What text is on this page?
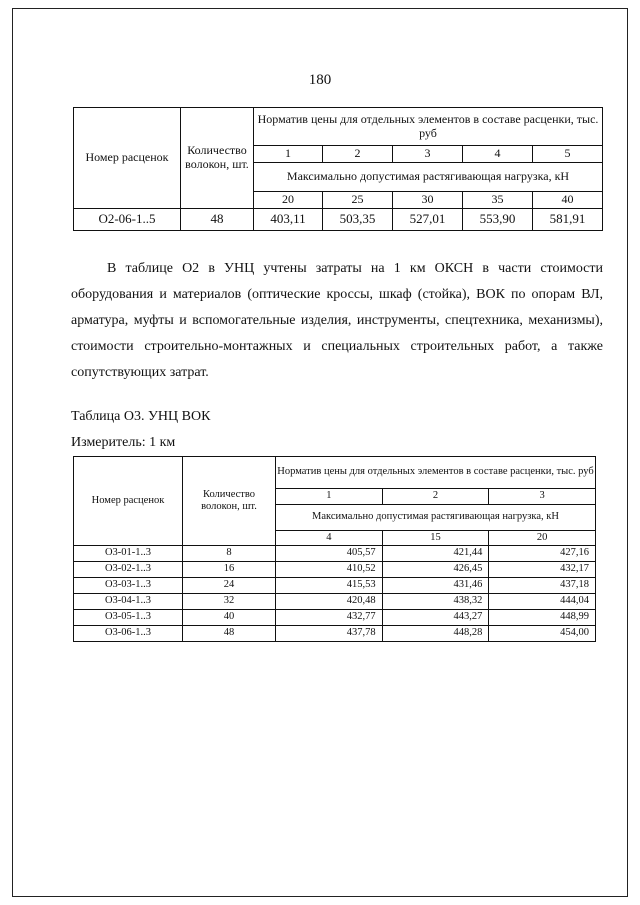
180
Номер расценок	Количество волокон, шт.	Норматив цены для отдельных элементов в составе расценки, тыс. руб				
		1	2	3	4	5
		Максимально допустимая растягивающая нагрузка, кН				
		20	25	30	35	40
О2-06-1..5	48	403,11	503,35	527,01	553,90	581,91

В таблице О2 в УНЦ учтены затраты на 1 км ОКСН в части стоимости оборудования и материалов (оптические кроссы, шкаф (стойка), ВОК по опорам ВЛ, арматура, муфты и вспомогательные изделия, инструменты, спецтехника, механизмы), стоимости строительно-монтажных и специальных строительных работ, а также сопутствующих затрат.

Таблица О3. УНЦ ВОК

Измеритель: 1 км

Номер расценок	Количество волокон, шт.	Норматив цены для отдельных элементов в составе расценки, тыс. руб		
		1	2	3
		Максимально допустимая растягивающая нагрузка, кН		
		4	15	20
О3-01-1..3	8	405,57	421,44	427,16
О3-02-1..3	16	410,52	426,45	432,17
О3-03-1..3	24	415,53	431,46	437,18
О3-04-1..3	32	420,48	438,32	444,04
О3-05-1..3	40	432,77	443,27	448,99
О3-06-1..3	48	437,78	448,28	454,00
